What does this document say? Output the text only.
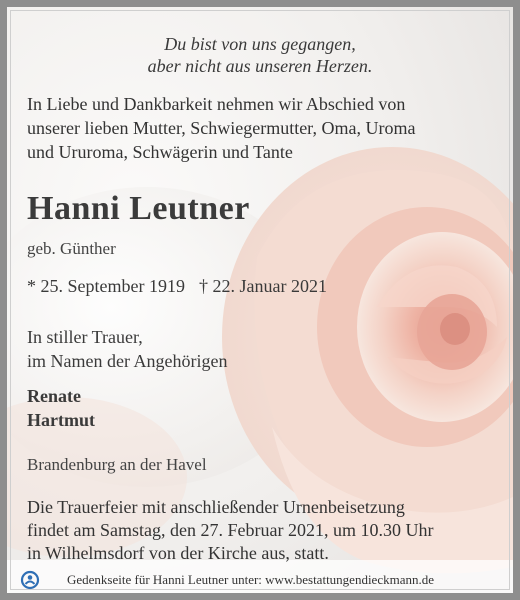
Du bist von uns gegangen,
aber nicht aus unseren Herzen.
In Liebe und Dankbarkeit nehmen wir Abschied von
unserer lieben Mutter, Schwiegermutter, Oma, Uroma
und Ururoma, Schwägerin und Tante
Hanni Leutner
geb. Günther
* 25. September 1919 † 22. Januar 2021
In stiller Trauer,
im Namen der Angehörigen
Renate
Hartmut
Brandenburg an der Havel
Die Trauerfeier mit anschließender Urnenbeisetzung
findet am Samstag, den 27. Februar 2021, um 10.30 Uhr
in Wilhelmsdorf von der Kirche aus, statt.
Gedenkseite für Hanni Leutner unter: www.bestattungendieckmann.de
